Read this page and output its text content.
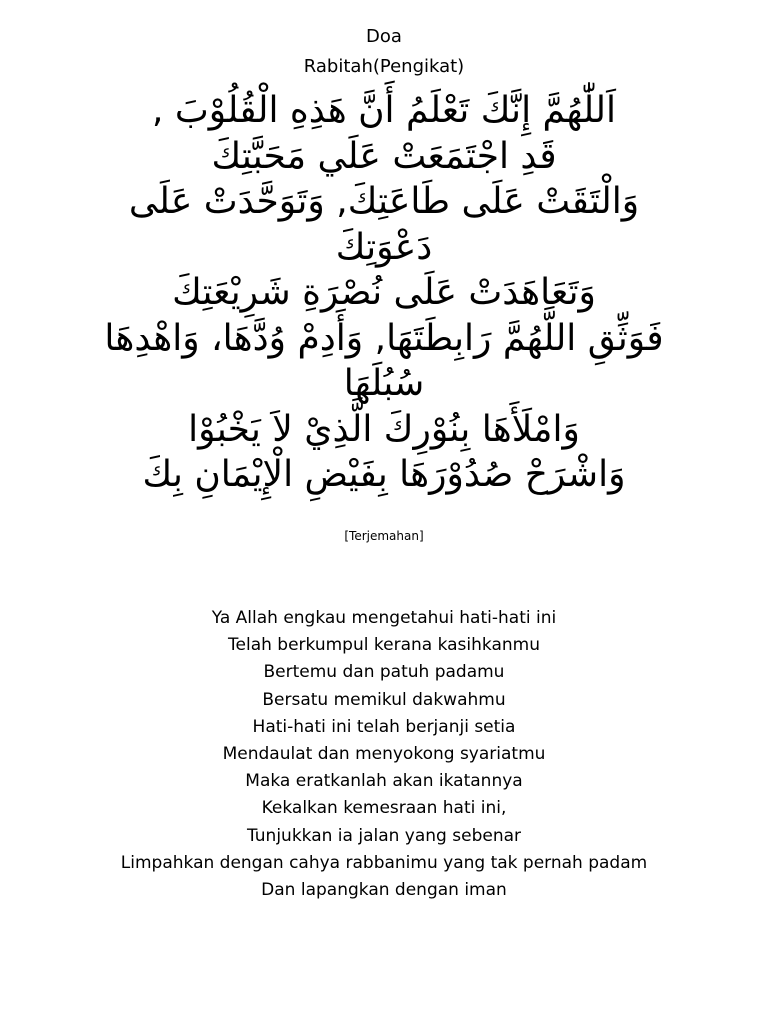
Doa
Rabitah(Pengikat)
اَللّٰهُمَّ إِنَّكَ تَعْلَمُ أَنَّ هَذِهِ الْقُلُوْبَ ,
قَدِ اجْتَمَعَتْ عَلَي مَحَبَّتِكَ
وَالْتَقَتْ عَلَى طَاعَتِكَ, وَتَوَحَّدَتْ عَلَى
دَعْوَتِكَ
وَتَعَاهَدَتْ عَلَى نُصْرَةِ شَرِيْعَتِكَ
فَوَثِّقِ اللَّهُمَّ رَابِطَتَهَا, وَأَدِمْ وُدَّهَا، وَاهْدِهَا
سُبُلَهَا
وَامْلَأَهَا بِنُوْرِكَ الَّذِيْ لاَ يَخْبُوْا
وَاشْرَحْ صُدُوْرَهَا بِفَيْضِ الْإِيْمَانِ بِكَ
[Terjemahan]
Ya Allah engkau mengetahui hati-hati ini
Telah berkumpul kerana kasihkanmu
Bertemu dan patuh padamu
Bersatu memikul dakwahmu
Hati-hati ini telah berjanji setia
Mendaulat dan menyokong syariatmu
Maka eratkanlah akan ikatannya
Kekalkan kemesraan hati ini,
Tunjukkan ia jalan yang sebenar
Limpahkan dengan cahya rabbanimu yang tak pernah padam
Dan lapangkan dengan iman
